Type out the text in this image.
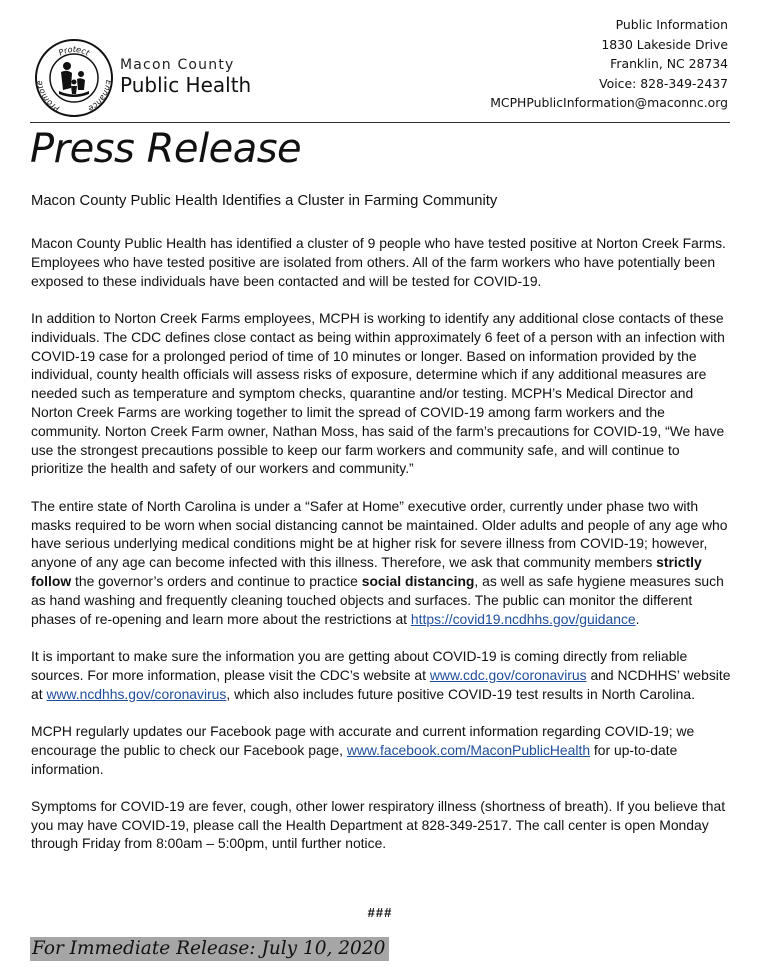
Protect
Promote	Enhance
Macon County
Public Health
Public Information
1830 Lakeside Drive
Franklin, NC 28734
Voice: 828-349-2437
MCPHPublicInformation@maconnc.org
Press Release
Macon County Public Health Identifies a Cluster in Farming Community

Macon County Public Health has identified a cluster of 9 people who have tested positive at Norton Creek Farms. Employees who have tested positive are isolated from others. All of the farm workers who have potentially been exposed to these individuals have been contacted and will be tested for COVID-19.

In addition to Norton Creek Farms employees, MCPH is working to identify any additional close contacts of these individuals. The CDC defines close contact as being within approximately 6 feet of a person with an infection with COVID-19 case for a prolonged period of time of 10 minutes or longer. Based on information provided by the individual, county health officials will assess risks of exposure, determine which if any additional measures are needed such as temperature and symptom checks, quarantine and/or testing. MCPH’s Medical Director and Norton Creek Farms are working together to limit the spread of COVID-19 among farm workers and the community. Norton Creek Farm owner, Nathan Moss, has said of the farm’s precautions for COVID-19, “We have use the strongest precautions possible to keep our farm workers and community safe, and will continue to prioritize the health and safety of our workers and community.”

The entire state of North Carolina is under a “Safer at Home” executive order, currently under phase two with masks required to be worn when social distancing cannot be maintained. Older adults and people of any age who have serious underlying medical conditions might be at higher risk for severe illness from COVID-19; however, anyone of any age can become infected with this illness. Therefore, we ask that community members strictly follow the governor’s orders and continue to practice social distancing, as well as safe hygiene measures such as hand washing and frequently cleaning touched objects and surfaces. The public can monitor the different phases of re-opening and learn more about the restrictions at https://covid19.ncdhhs.gov/guidance.

It is important to make sure the information you are getting about COVID-19 is coming directly from reliable sources. For more information, please visit the CDC’s website at www.cdc.gov/coronavirus and NCDHHS’ website at www.ncdhhs.gov/coronavirus, which also includes future positive COVID-19 test results in North Carolina.

MCPH regularly updates our Facebook page with accurate and current information regarding COVID-19; we encourage the public to check our Facebook page, www.facebook.com/MaconPublicHealth for up-to-date information.

Symptoms for COVID-19 are fever, cough, other lower respiratory illness (shortness of breath). If you believe that you may have COVID-19, please call the Health Department at 828-349-2517. The call center is open Monday through Friday from 8:00am – 5:00pm, until further notice.

###
For Immediate Release: July 10, 2020
